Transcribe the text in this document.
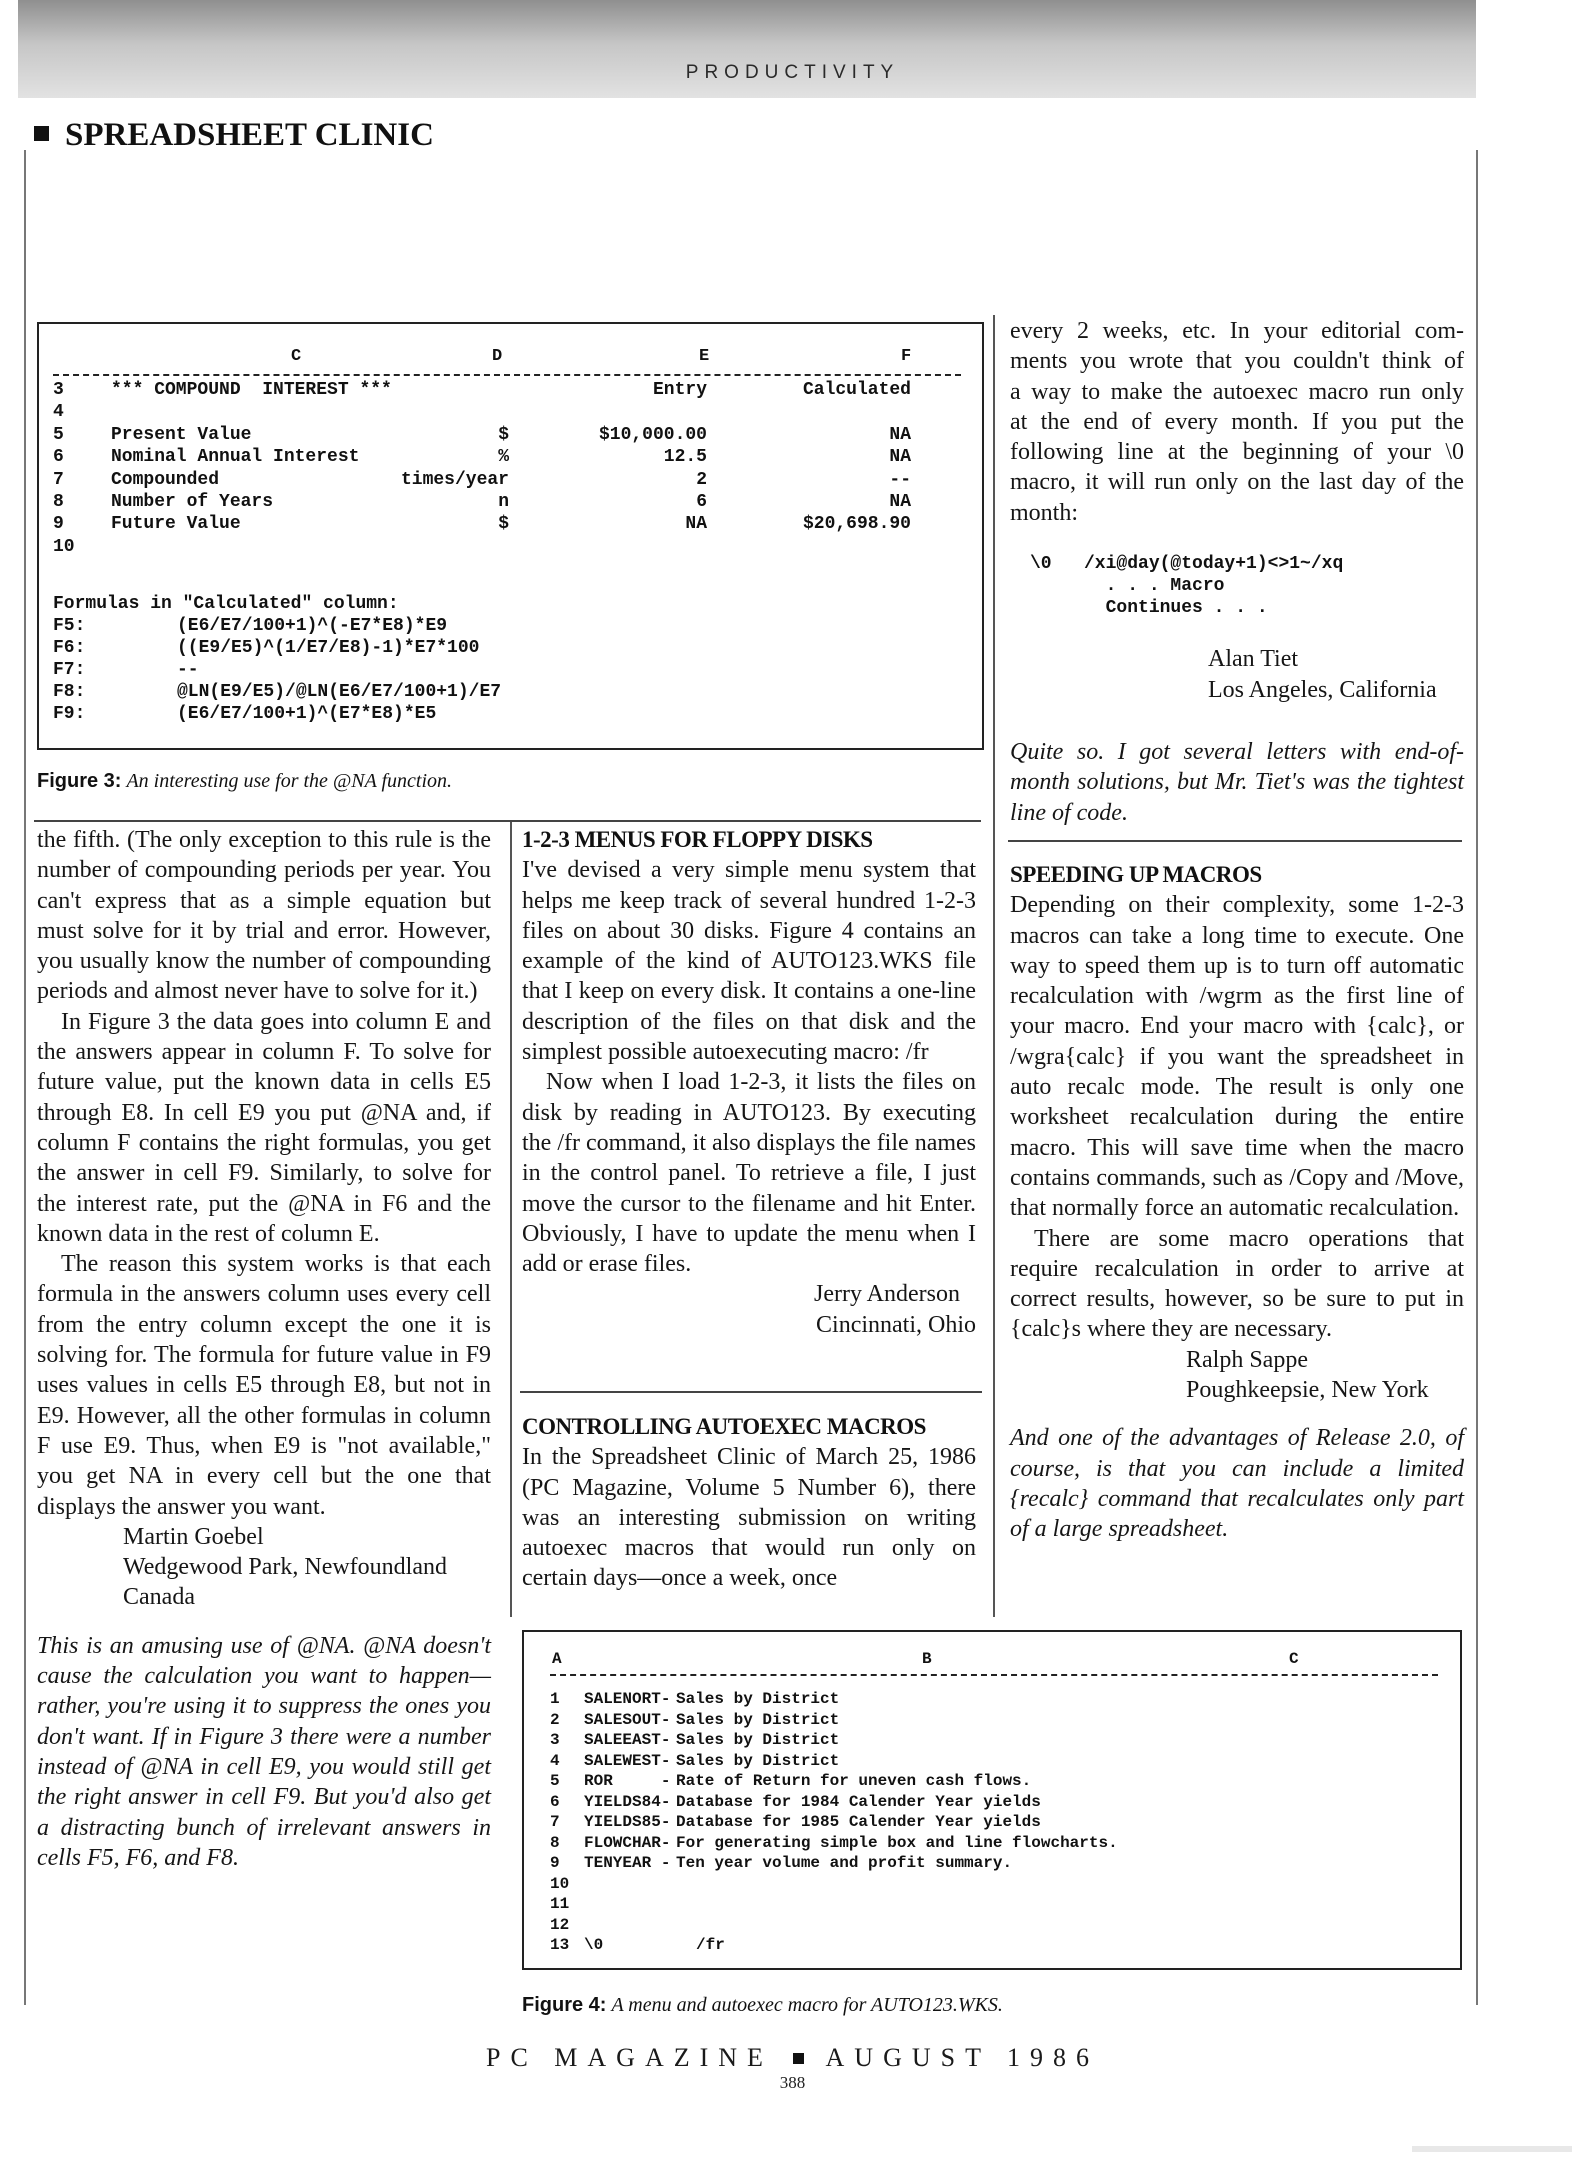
PRODUCTIVITY
SPREADSHEET CLINIC
C	D	E	F
3	*** COMPOUND  INTEREST ***	Entry	Calculated
4
5	Present Value	$	$10,000.00	NA
6	Nominal Annual Interest	%	12.5	NA
7	Compounded	times/year	2	--
8	Number of Years	n	6	NA
9	Future Value	$	NA	$20,698.90
10
Formulas in "Calculated" column:
F5:	(E6/E7/100+1)^(-E7*E8)*E9
F6:	((E9/E5)^(1/E7/E8)-1)*E7*100
F7:	--
F8:	@LN(E9/E5)/@LN(E6/E7/100+1)/E7
F9:	(E6/E7/100+1)^(E7*E8)*E5
Figure 3: An interesting use for the @NA function.

every 2 weeks, etc. In your editorial com-

ments you wrote that you couldn't think of

a way to make the autoexec macro run only

at the end of every month. If you put the

following line at the beginning of your \0

macro, it will run only on the last day of the

month:

\0   /xi@day(@today+1)<>1~/xq
. . . Macro
Continues . . .

Alan Tiet

Los Angeles, California

Quite so. I got several letters with end-of-month solutions, but Mr. Tiet's was the tightest line of code.

the fifth. (The only exception to this rule is the number of compounding periods per year. You can't express that as a simple equation but must solve for it by trial and error. However, you usually know the number of compounding periods and almost never have to solve for it.)

In Figure 3 the data goes into column E and the answers appear in column F. To solve for future value, put the known data in cells E5 through E8. In cell E9 you put @NA and, if column F contains the right formulas, you get the answer in cell F9. Similarly, to solve for the interest rate, put the @NA in F6 and the known data in the rest of column E.

The reason this system works is that each formula in the answers column uses every cell from the entry column except the one it is solving for. The formula for future value in F9 uses values in cells E5 through E8, but not in E9. However, all the other formulas in column F use E9. Thus, when E9 is "not available," you get NA in every cell but the one that displays the answer you want.

Martin Goebel

Wedgewood Park, Newfoundland

Canada

This is an amusing use of @NA. @NA doesn't cause the calculation you want to happen—rather, you're using it to suppress the ones you don't want. If in Figure 3 there were a number instead of @NA in cell E9, you would still get the right answer in cell F9. But you'd also get a distracting bunch of irrelevant answers in cells F5, F6, and F8.

1-2-3 MENUS FOR FLOPPY DISKS

I've devised a very simple menu system that helps me keep track of several hundred 1-2-3 files on about 30 disks. Figure 4 contains an example of the kind of AUTO123.WKS file that I keep on every disk. It contains a one-line description of the files on that disk and the simplest possible autoexecuting macro: /fr

Now when I load 1-2-3, it lists the files on disk by reading in AUTO123. By executing the /fr command, it also displays the file names in the control panel. To retrieve a file, I just move the cursor to the filename and hit Enter. Obviously, I have to update the menu when I add or erase files.

Jerry Anderson

Cincinnati, Ohio

CONTROLLING AUTOEXEC MACROS

In the Spreadsheet Clinic of March 25, 1986 (PC Magazine, Volume 5 Number 6), there was an interesting submission on writing autoexec macros that would run only on certain days—once a week, once

SPEEDING UP MACROS

Depending on their complexity, some 1-2-3 macros can take a long time to execute. One way to speed them up is to turn off automatic recalculation with /wgrm as the first line of your macro. End your macro with {calc}, or /wgra{calc} if you want the spreadsheet in auto recalc mode. The result is only one worksheet recalculation during the entire macro. This will save time when the macro contains commands, such as /Copy and /Move, that normally force an automatic recalculation.

There are some macro operations that require recalculation in order to arrive at correct results, however, so be sure to put in {calc}s where they are necessary.

Ralph Sappe

Poughkeepsie, New York

And one of the advantages of Release 2.0, of course, is that you can include a limited {recalc} command that recalculates only part of a large spreadsheet.

A	B	C
1 SALENORT- Sales by District
2 SALESOUT- Sales by District
3 SALEEAST- Sales by District
4 SALEWEST- Sales by District
5 ROR     - Rate of Return for uneven cash flows.
6 YIELDS84- Database for 1984 Calender Year yields
7 YIELDS85- Database for 1985 Calender Year yields
8 FLOWCHAR- For generating simple box and line flowcharts.
9 TENYEAR - Ten year volume and profit summary.
10
11
12
13 \0	/fr
Figure 4: A menu and autoexec macro for AUTO123.WKS.
PC MAGAZINE AUGUST 1986
388
